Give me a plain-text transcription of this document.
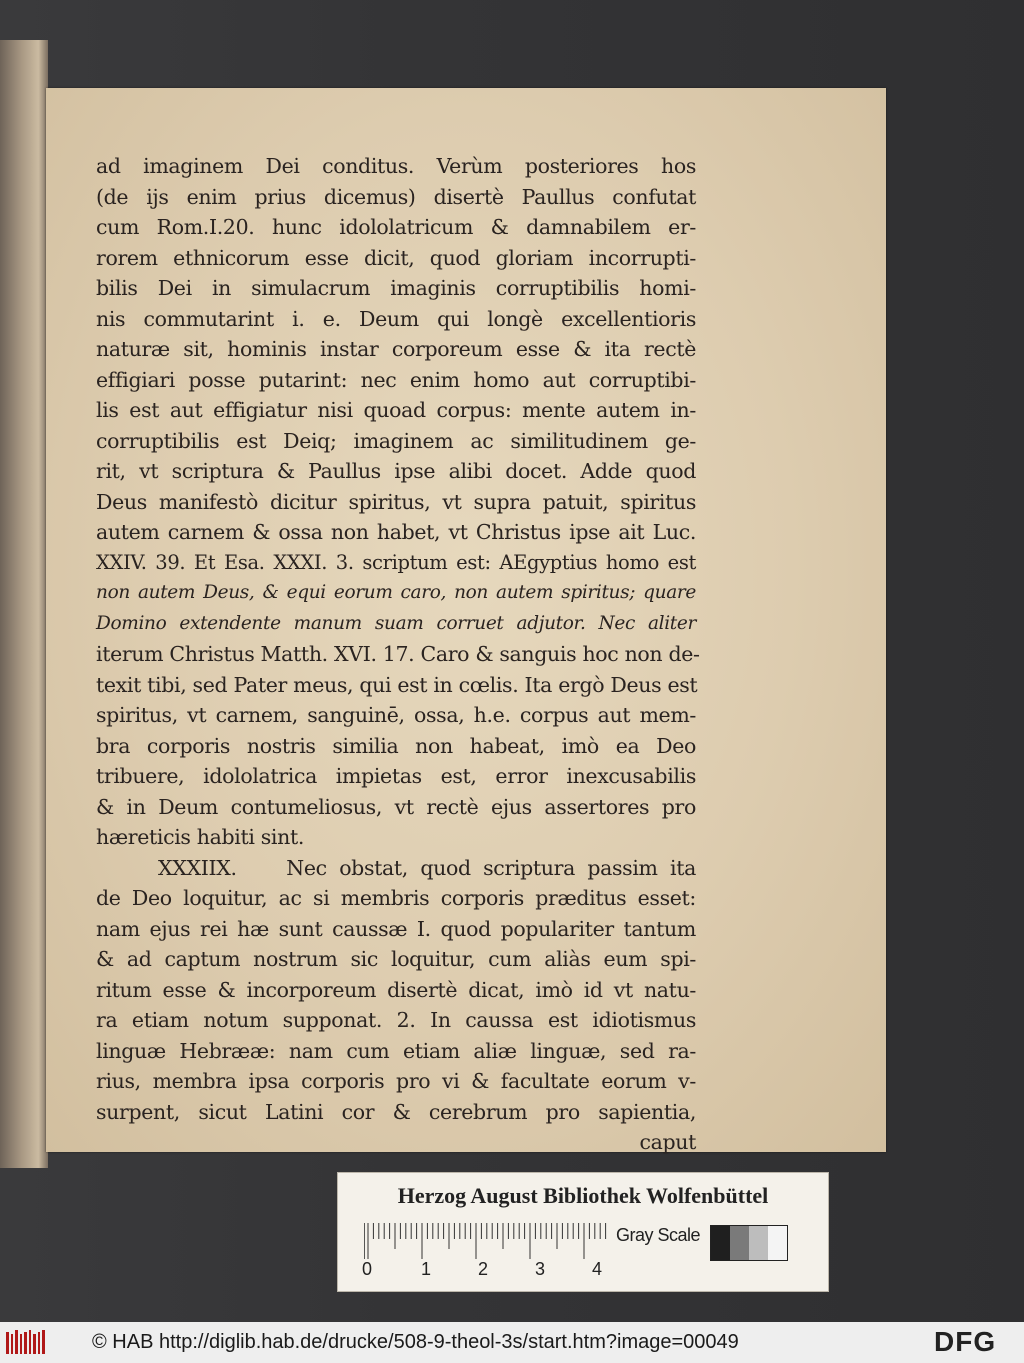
ad imaginem Dei conditus. Verùm posteriores hos
(de ijs enim prius dicemus) disertè Paullus confutat
cum Rom.I.20. hunc idololatricum & damnabilem er-
rorem ethnicorum esse dicit, quod gloriam incorrupti-
bilis Dei in simulacrum imaginis corruptibilis homi-
nis commutarint i. e. Deum qui longè excellentioris
naturæ sit, hominis instar corporeum esse & ita rectè
effigiari posse putarint: nec enim homo aut corruptibi-
lis est aut effigiatur nisi quoad corpus: mente autem in-
corruptibilis est Deiq; imaginem ac similitudinem ge-
rit, vt scriptura & Paullus ipse alibi docet. Adde quod
Deus manifestò dicitur spiritus, vt supra patuit, spiritus
autem carnem & ossa non habet, vt Christus ipse ait Luc.
XXIV. 39. Et Esa. XXXI. 3. scriptum est: AEgyptius homo est
non autem Deus, & equi eorum caro, non autem spiritus; quare
Domino extendente manum suam corruet adjutor. Nec aliter
iterum Christus Matth. XVI. 17. Caro & sanguis hoc non de-
texit tibi, sed Pater meus, qui est in cœlis. Ita ergò Deus est
spiritus, vt carnem, sanguinē, ossa, h.e. corpus aut mem-
bra corporis nostris similia non habeat, imò ea Deo
tribuere, idololatrica impietas est, error inexcusabilis
& in Deum contumeliosus, vt rectè ejus assertores pro
hæreticis habiti sint.
XXXIIX.    Nec obstat, quod scriptura passim ita
de Deo loquitur, ac si membris corporis præditus esset:
nam ejus rei hæ sunt caussæ I. quod populariter tantum
& ad captum nostrum sic loquitur, cum aliàs eum spi-
ritum esse & incorporeum disertè dicat, imò id vt natu-
ra etiam notum supponat. 2. In caussa est idiotismus
linguæ Hebrææ: nam cum etiam aliæ linguæ, sed ra-
rius, membra ipsa corporis pro vi & facultate eorum v-
surpent, sicut Latini cor & cerebrum pro sapientia,
caput
Herzog August Bibliothek Wolfenbüttel
0	1	2	3	4
Gray Scale
© HAB http://diglib.hab.de/drucke/508-9-theol-3s/start.htm?image=00049	DFG
